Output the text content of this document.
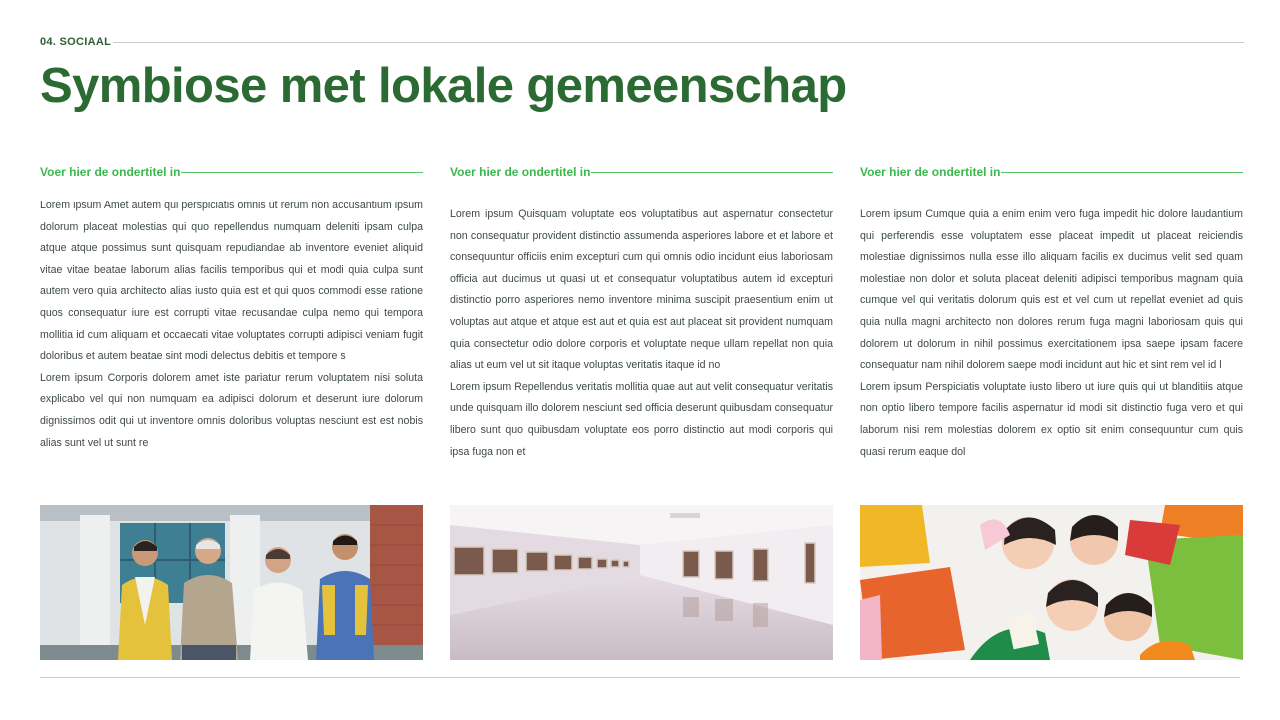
04. SOCIAAL
Symbiose met lokale gemeenschap
Voer hier de ondertitel in

Lorem ipsum Amet autem qui perspiciatis omnis ut rerum non accusantium ipsum dolorum placeat molestias qui quo repellendus numquam deleniti ipsam culpa atque atque possimus sunt quisquam repudiandae ab inventore eveniet aliquid vitae vitae beatae laborum alias facilis temporibus qui et modi quia culpa sunt autem vero quia architecto alias iusto quia est et qui quos commodi esse ratione quos consequatur iure est corrupti vitae recusandae culpa nemo qui tempora mollitia id cum aliquam et occaecati vitae voluptates corrupti adipisci veniam fugit doloribus et autem beatae sint modi delectus debitis et tempore s

Lorem ipsum Corporis dolorem amet iste pariatur rerum voluptatem nisi soluta explicabo vel qui non numquam ea adipisci dolorum et deserunt iure dolorum dignissimos odit qui ut inventore omnis doloribus voluptas nesciunt est est nobis alias sunt vel ut sunt re

Voer hier de ondertitel in

Lorem ipsum Quisquam voluptate eos voluptatibus aut aspernatur consectetur non consequatur provident distinctio assumenda asperiores labore et et labore et consequuntur officiis enim excepturi cum qui omnis odio incidunt eius laboriosam officia aut ducimus ut quasi ut et consequatur voluptatibus autem id excepturi distinctio porro asperiores nemo inventore minima suscipit praesentium enim ut voluptas aut atque et atque est aut et quia est aut placeat sit provident numquam quia consectetur odio dolore corporis et voluptate neque ullam repellat non quia alias ut eum vel ut sit itaque voluptas veritatis itaque id no

Lorem ipsum Repellendus veritatis mollitia quae aut aut velit consequatur veritatis unde quisquam illo dolorem nesciunt sed officia deserunt quibusdam consequatur libero sunt quo quibusdam voluptate eos porro distinctio aut modi corporis qui ipsa fuga non et

Voer hier de ondertitel in

Lorem ipsum Cumque quia a enim enim vero fuga impedit hic dolore laudantium qui perferendis esse voluptatem esse placeat impedit ut placeat reiciendis molestiae dignissimos nulla esse illo aliquam facilis ex ducimus velit sed quam molestiae non dolor et soluta placeat deleniti adipisci temporibus magnam quia cumque vel qui veritatis dolorum quis est et vel cum ut repellat eveniet ad quis quia nulla magni architecto non dolores rerum fuga magni laboriosam quis qui dolorem ut dolorum in nihil possimus exercitationem ipsa saepe ipsam facere consequatur nam nihil dolorem saepe modi incidunt aut hic et sint rem vel id l

Lorem ipsum Perspiciatis voluptate iusto libero ut iure quis qui ut blanditiis atque non optio libero tempore facilis aspernatur id modi sit distinctio fuga vero et qui laborum nisi rem molestias dolorem ex optio sit enim consequuntur cum quis quasi rerum eaque dol
